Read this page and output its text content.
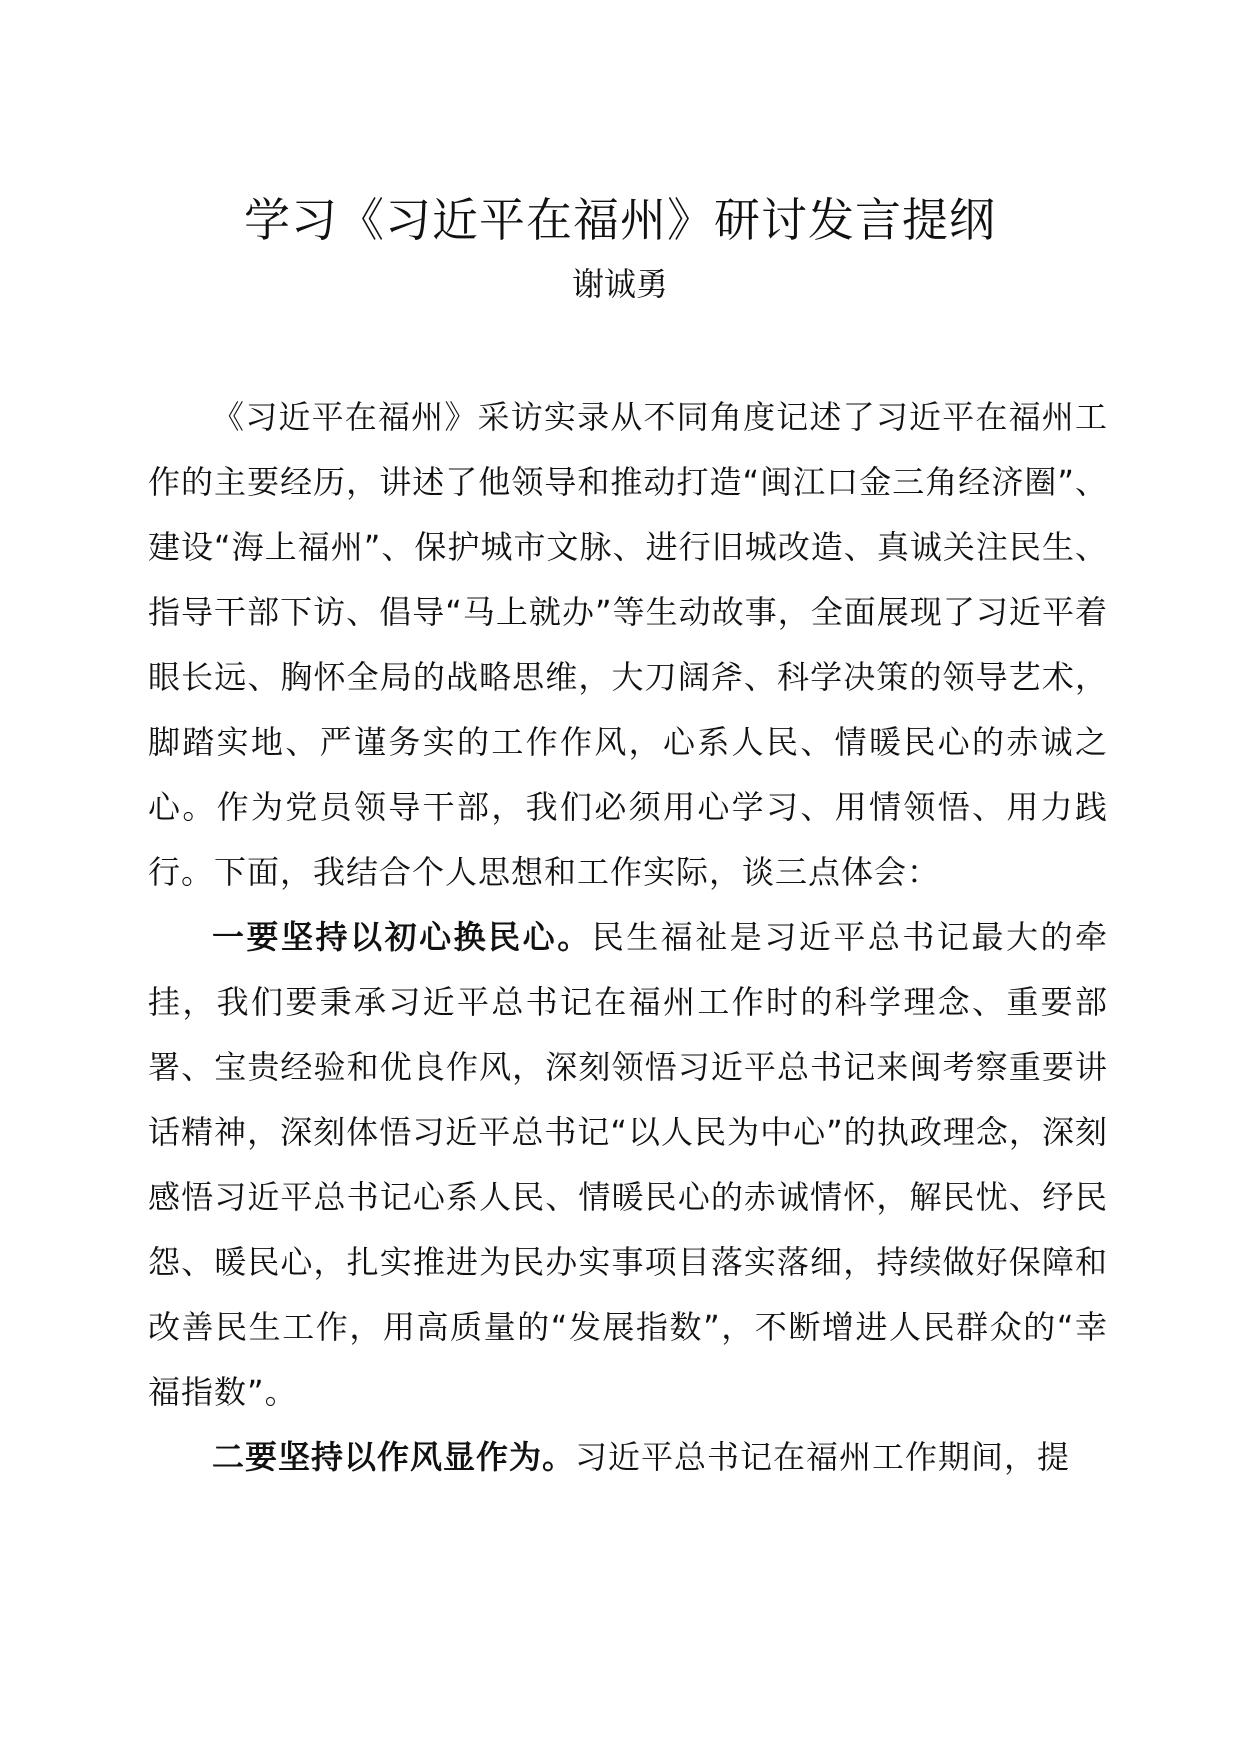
学习《习近平在福州》研讨发言提纲

谢诚勇

《习近平在福州》采访实录从不同角度记述了习近平在福州工作的主要经历，讲述了他领导和推动打造“闽江口金三角经济圈”、建设“海上福州”、保护城市文脉、进行旧城改造、真诚关注民生、指导干部下访、倡导“马上就办”等生动故事，全面展现了习近平着眼长远、胸怀全局的战略思维，大刀阔斧、科学决策的领导艺术，脚踏实地、严谨务实的工作作风，心系人民、情暖民心的赤诚之心。作为党员领导干部，我们必须用心学习、用情领悟、用力践行。下面，我结合个人思想和工作实际，谈三点体会：

一要坚持以初心换民心。民生福祉是习近平总书记最大的牵挂，我们要秉承习近平总书记在福州工作时的科学理念、重要部署、宝贵经验和优良作风，深刻领悟习近平总书记来闽考察重要讲话精神，深刻体悟习近平总书记“以人民为中心”的执政理念，深刻感悟习近平总书记心系人民、情暖民心的赤诚情怀，解民忧、纾民怨、暖民心，扎实推进为民办实事项目落实落细，持续做好保障和改善民生工作，用高质量的“发展指数”，不断增进人民群众的“幸福指数”。

二要坚持以作风显作为。习近平总书记在福州工作期间，提
